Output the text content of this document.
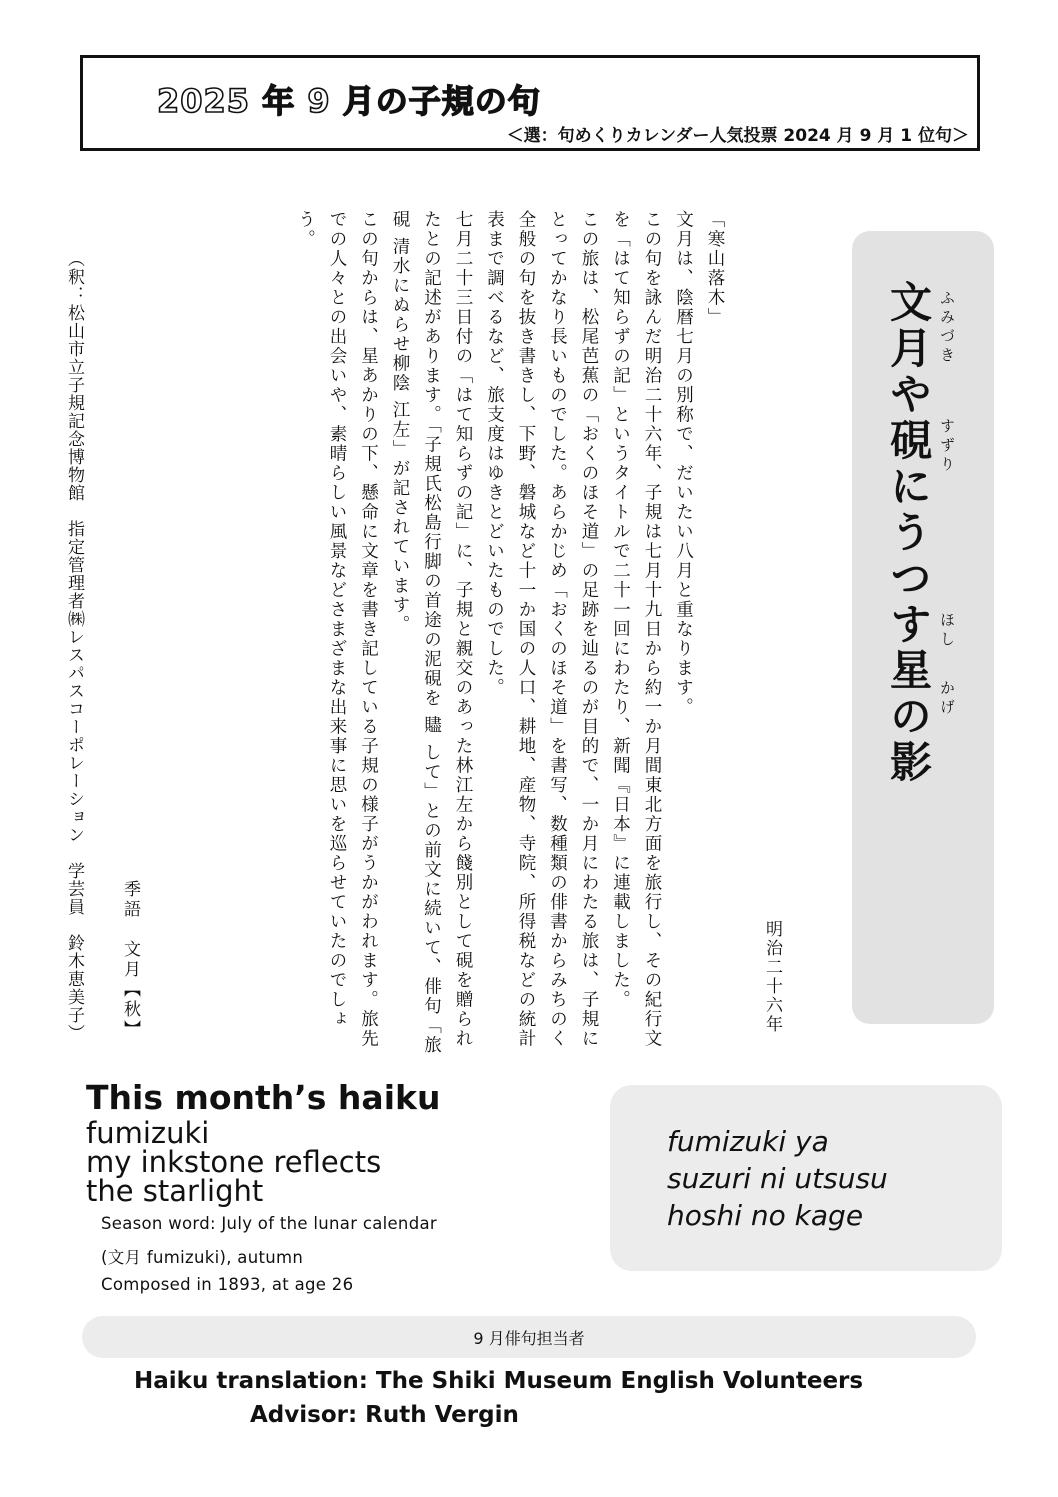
2025 年 9 月の子規の句
＜選：句めくりカレンダー人気投票 2024 月 9 月 1 位句＞
文月や
硯にうつす星の影
ふみづき
すずり
ほし
かげ
明治二十六年
「寒山落木」
文月は、陰暦七月の別称で、だいたい八月と重なります。
この句を詠んだ明治二十六年、子規は七月十九日から約一か月間東北方面を旅行し、その紀行文を「はて知らずの記」というタイトルで二十一回にわたり、新聞『日本』に連載しました。
この旅は、松尾芭蕉の「おくのほそ道」の足跡を辿るのが目的で、一か月にわたる旅は、子規にとってかなり長いものでした。あらかじめ「おくのほそ道」を書写、数種類の俳書からみちのく全般の句を抜き書きし、下野、磐城など十一か国の人口、耕地、産物、寺院、所得税などの統計表まで調べるなど、旅支度はゆきとどいたものでした。
七月二十三日付の「はて知らずの記」に、子規と親交のあった林江左から餞別として硯を贈られたとの記述があります。「子規氏松島行脚の首途の泥硯を 贐 して」との前文に続いて、俳句「旅硯 清水にぬらせ柳陰 江左」が記されています。
この句からは、星あかりの下、懸命に文章を書き記している子規の様子がうかがわれます。旅先での人々との出会いや、素晴らしい風景などさまざまな出来事に思いを巡らせていたのでしょう。
季語　文月【秋】
（釈：松山市立子規記念博物館　指定管理者㈱レスパスコーポレーション　学芸員　鈴木恵美子）
This month’s haiku
fumizuki
my inkstone reflects
the starlight
Season word: July of the lunar calendar
(文月 fumizuki), autumn
Composed in 1893, at age 26
fumizuki ya
suzuri ni utsusu
hoshi no kage
9 月俳句担当者
Haiku translation: The Shiki Museum English Volunteers
Advisor: Ruth Vergin
